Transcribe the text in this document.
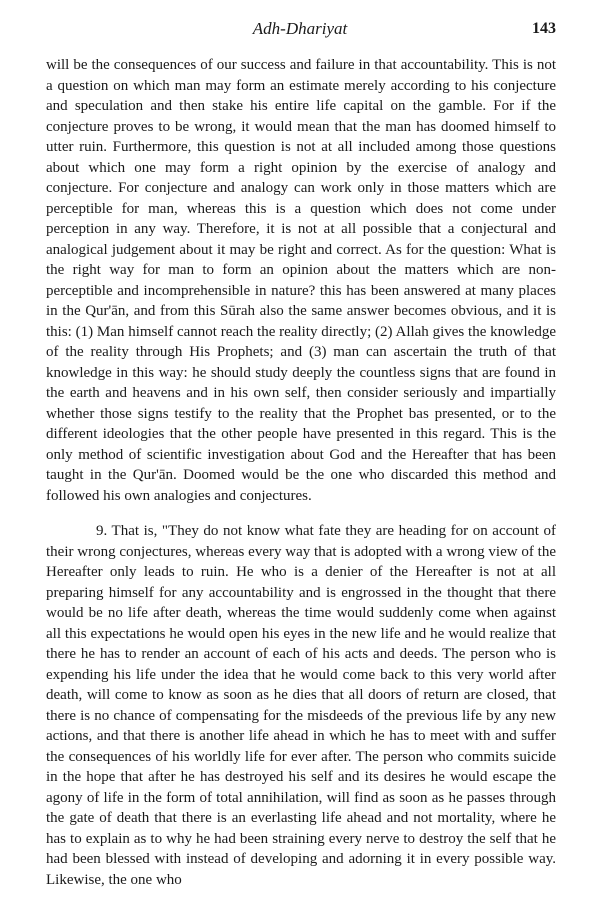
Adh-Dhariyat	143

will be the consequences of our success and failure in that accountability. This is not a question on which man may form an estimate merely according to his conjecture and speculation and then stake his entire life capital on the gamble. For if the conjecture proves to be wrong, it would mean that the man has doomed himself to utter ruin. Furthermore, this question is not at all included among those questions about which one may form a right opinion by the exercise of analogy and conjecture. For conjecture and analogy can work only in those matters which are perceptible for man, whereas this is a question which does not come under perception in any way. Therefore, it is not at all possible that a conjectural and analogical judgement about it may be right and correct. As for the question: What is the right way for man to form an opinion about the matters which are non-perceptible and incomprehensible in nature? this has been answered at many places in the Qur'ān, and from this Sūrah also the same answer becomes obvious, and it is this: (1) Man himself cannot reach the reality directly; (2) Allah gives the knowledge of the reality through His Prophets; and (3) man can ascertain the truth of that knowledge in this way: he should study deeply the countless signs that are found in the earth and heavens and in his own self, then consider seriously and impartially whether those signs testify to the reality that the Prophet bas presented, or to the different ideologies that the other people have presented in this regard. This is the only method of scientific investigation about God and the Hereafter that has been taught in the Qur'ān. Doomed would be the one who discarded this method and followed his own analogies and conjectures.

9. That is, "They do not know what fate they are heading for on account of their wrong conjectures, whereas every way that is adopted with a wrong view of the Hereafter only leads to ruin. He who is a denier of the Hereafter is not at all preparing himself for any accountability and is engrossed in the thought that there would be no life after death, whereas the time would suddenly come when against all this expectations he would open his eyes in the new life and he would realize that there he has to render an account of each of his acts and deeds. The person who is expending his life under the idea that he would come back to this very world after death, will come to know as soon as he dies that all doors of return are closed, that there is no chance of compensating for the misdeeds of the previous life by any new actions, and that there is another life ahead in which he has to meet with and suffer the consequences of his worldly life for ever after. The person who commits suicide in the hope that after he has destroyed his self and its desires he would escape the agony of life in the form of total annihilation, will find as soon as he passes through the gate of death that there is an everlasting life ahead and not mortality, where he has to explain as to why he had been straining every nerve to destroy the self that he had been blessed with instead of developing and adorning it in every possible way. Likewise, the one who
